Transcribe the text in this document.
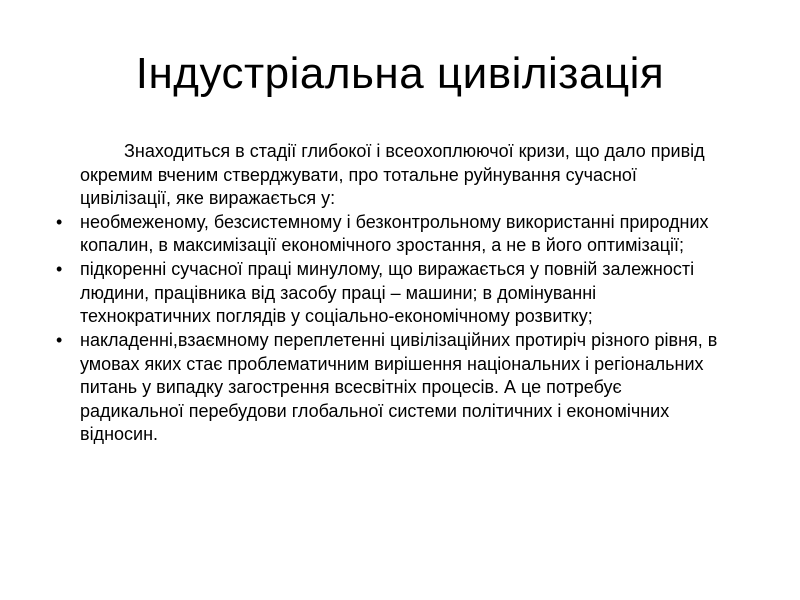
Індустріальна цивілізація

Знаходиться в стадії глибокої і всеохоплюючої кризи, що дало привід окремим вченим стверджувати, про тотальне руйнування сучасної цивілізації, яке виражається у:

• необмеженому, безсистемному і безконтрольному використанні природних копалин, в максимізації економічного зростання, а не в його оптимізації;
• підкоренні сучасної праці минулому, що виражається у повній залежності людини, працівника від засобу праці – машини; в домінуванні технократичних поглядів у соціально-економічному розвитку;
• накладенні,взаємному переплетенні цивілізаційних протиріч різного рівня, в умовах яких стає проблематичним вирішення національних і регіональних питань у випадку загострення всесвітніх процесів. А це потребує радикальної перебудови глобальної системи політичних і економічних відносин.
